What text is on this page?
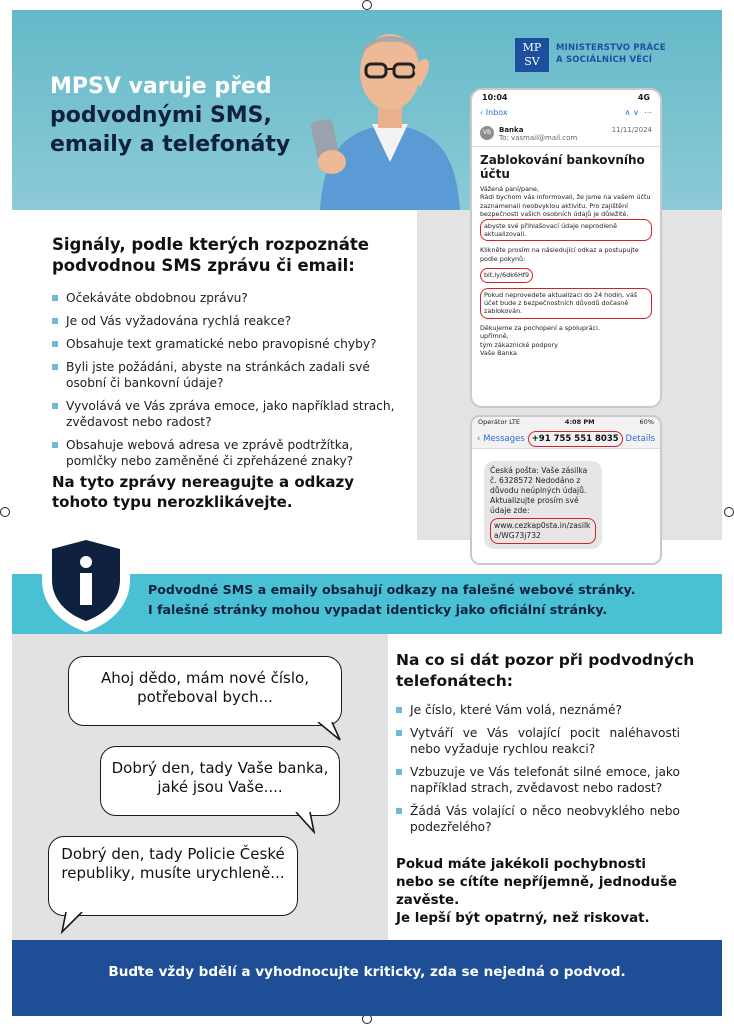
MPSV varuje před
podvodnými SMS,
emaily a telefonáty
MP
SV
MINISTERSTVO PRÁCE
A SOCIÁLNÍCH VĚCÍ
Signály, podle kterých rozpoznáte podvodnou SMS zprávu či email:
Očekáváte obdobnou zprávu?
Je od Vás vyžadována rychlá reakce?
Obsahuje text gramatické nebo pravopisné chyby?
Byli jste požádáni, abyste na stránkách zadali své osobní či bankovní údaje?
Vyvolává ve Vás zpráva emoce, jako například strach, zvědavost nebo radost?
Obsahuje webová adresa ve zprávě podtržítka, pomlčky nebo zaměněné či zpřeházené znaky?
Na tyto zprávy nereagujte a odkazy tohoto typu nerozklikávejte.
10:04	4G
‹ Inbox	∧ ∨  ⋯
VB	Banka
To: vasmail@mail.com
11/11/2024
Zablokování bankovního účtu

Vážená paní/pane,
Rádi bychom vás informovali, že jsme na vašem účtu zaznamenali neobvyklou aktivitu. Pro zajištění bezpečnosti vašich osobních údajů je důležité,
abyste své přihlašovací údaje neprodleně aktualizovali.

Klikněte prosím na následující odkaz a postupujte podle pokynů:

bit.ly/6dk6Hf9

Pokud neprovedete aktualizaci do 24 hodin, váš účet bude z bezpečnostních důvodů dočasně zablokován.

Děkujeme za pochopení a spolupráci.
upřímně,
tým zákaznické podpory
Vaše Banka

Operátor LTE	4:08 PM	60%
‹ Messages +91 755 551 8035 Details
Česká pošta: Vaše zásilka č. 6328572 Nedodáno z důvodu neúplných údajů. Aktualizujte prosím své údaje zde: www.cezkap0sta.in/zasilka/WG73j732
Podvodné SMS a emaily obsahují odkazy na falešné webové stránky.
I falešné stránky mohou vypadat identicky jako oficiální stránky.
Ahoj dědo, mám nové číslo, potřeboval bych...
Dobrý den, tady Vaše banka, jaké jsou Vaše....
Dobrý den, tady Policie České republiky, musíte urychleně...
Na co si dát pozor při podvodných telefonátech:
Je číslo, které Vám volá, neznámé?
Vytváří ve Vás volající pocit naléhavosti nebo vyžaduje rychlou reakci?
Vzbuzuje ve Vás telefonát silné emoce, jako například strach, zvědavost nebo radost?
Žádá Vás volající o něco neobvyklého nebo podezřelého?
Pokud máte jakékoli pochybnosti nebo se cítíte nepříjemně, jednoduše zavěste.
Je lepší být opatrný, než riskovat.
Buďte vždy bdělí a vyhodnocujte kriticky, zda se nejedná o podvod.
